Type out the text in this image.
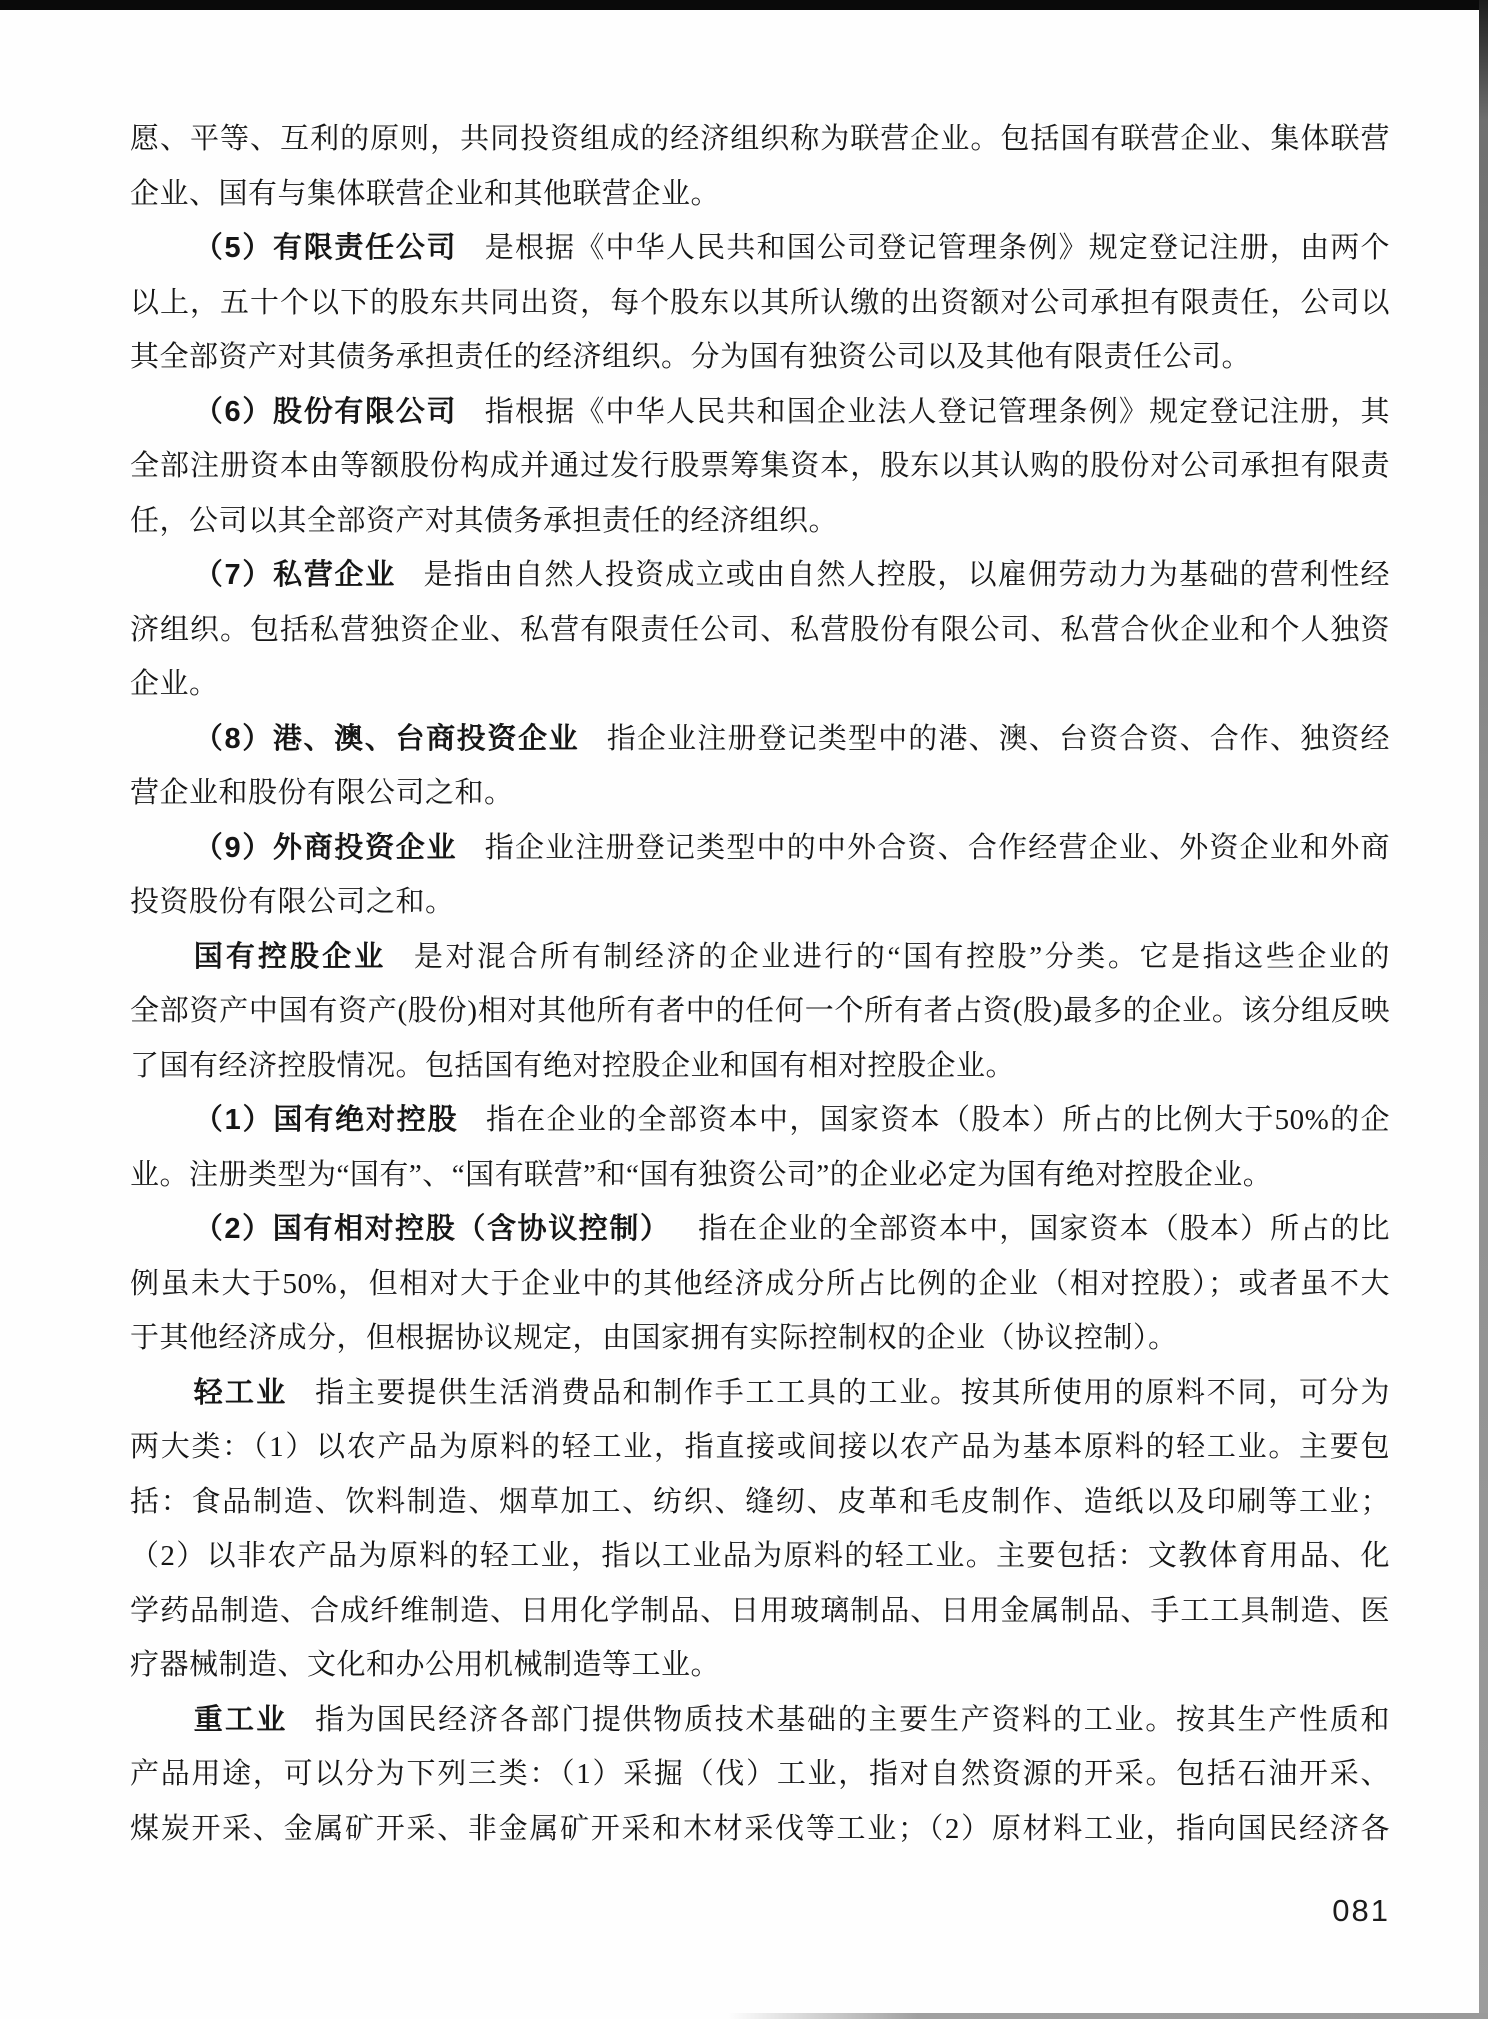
愿、平等、互利的原则，共同投资组成的经济组织称为联营企业。包括国有联营企业、集体联营
企业、国有与集体联营企业和其他联营企业。
（5）有限责任公司 是根据《中华人民共和国公司登记管理条例》规定登记注册，由两个
以上，五十个以下的股东共同出资，每个股东以其所认缴的出资额对公司承担有限责任，公司以
其全部资产对其债务承担责任的经济组织。分为国有独资公司以及其他有限责任公司。
（6）股份有限公司 指根据《中华人民共和国企业法人登记管理条例》规定登记注册，其
全部注册资本由等额股份构成并通过发行股票筹集资本，股东以其认购的股份对公司承担有限责
任，公司以其全部资产对其债务承担责任的经济组织。
（7）私营企业 是指由自然人投资成立或由自然人控股，以雇佣劳动力为基础的营利性经
济组织。包括私营独资企业、私营有限责任公司、私营股份有限公司、私营合伙企业和个人独资
企业。
（8）港、澳、台商投资企业 指企业注册登记类型中的港、澳、台资合资、合作、独资经
营企业和股份有限公司之和。
（9）外商投资企业 指企业注册登记类型中的中外合资、合作经营企业、外资企业和外商
投资股份有限公司之和。
国有控股企业 是对混合所有制经济的企业进行的“国有控股”分类。它是指这些企业的
全部资产中国有资产(股份)相对其他所有者中的任何一个所有者占资(股)最多的企业。该分组反映
了国有经济控股情况。包括国有绝对控股企业和国有相对控股企业。
（1）国有绝对控股 指在企业的全部资本中，国家资本（股本）所占的比例大于50%的企
业。注册类型为“国有”、“国有联营”和“国有独资公司”的企业必定为国有绝对控股企业。
（2）国有相对控股（含协议控制） 指在企业的全部资本中，国家资本（股本）所占的比
例虽未大于50%，但相对大于企业中的其他经济成分所占比例的企业（相对控股）；或者虽不大
于其他经济成分，但根据协议规定，由国家拥有实际控制权的企业（协议控制）。
轻工业 指主要提供生活消费品和制作手工工具的工业。按其所使用的原料不同，可分为
两大类：（1）以农产品为原料的轻工业，指直接或间接以农产品为基本原料的轻工业。主要包
括：食品制造、饮料制造、烟草加工、纺织、缝纫、皮革和毛皮制作、造纸以及印刷等工业；
（2）以非农产品为原料的轻工业，指以工业品为原料的轻工业。主要包括：文教体育用品、化
学药品制造、合成纤维制造、日用化学制品、日用玻璃制品、日用金属制品、手工工具制造、医
疗器械制造、文化和办公用机械制造等工业。
重工业 指为国民经济各部门提供物质技术基础的主要生产资料的工业。按其生产性质和
产品用途，可以分为下列三类：（1）采掘（伐）工业，指对自然资源的开采。包括石油开采、
煤炭开采、金属矿开采、非金属矿开采和木材采伐等工业；（2）原材料工业，指向国民经济各
081
